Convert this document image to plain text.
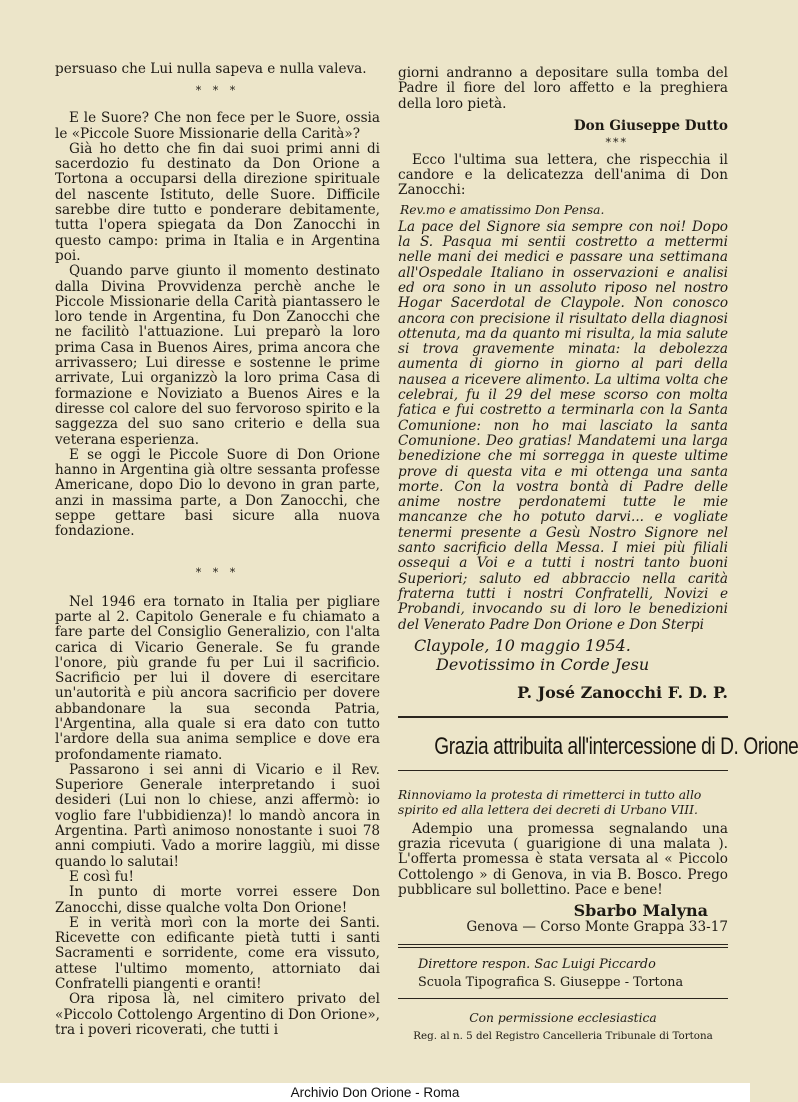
persuaso che Lui nulla sapeva e nulla valeva.

* * *

E le Suore? Che non fece per le Suore, ossia le «Piccole Suore Missionarie della Carità»?

Già ho detto che fin dai suoi primi anni di sacerdozio fu destinato da Don Orione a Tortona a occuparsi della direzione spirituale del nascente Istituto, delle Suore. Difficile sarebbe dire tutto e ponderare debitamente, tutta l'opera spiegata da Don Zanocchi in questo campo: prima in Italia e in Argentina poi.

Quando parve giunto il momento destinato dalla Divina Provvidenza perchè anche le Piccole Missionarie della Carità piantassero le loro tende in Argentina, fu Don Zanocchi che ne facilitò l'attuazione. Lui preparò la loro prima Casa in Buenos Aires, prima ancora che arrivassero; Lui diresse e sostenne le prime arrivate, Lui organizzò la loro prima Casa di formazione e Noviziato a Buenos Aires e la diresse col calore del suo fervoroso spirito e la saggezza del suo sano criterio e della sua veterana esperienza.

E se oggi le Piccole Suore di Don Orione hanno in Argentina già oltre sessanta professe Americane, dopo Dio lo devono in gran parte, anzi in massima parte, a Don Zanocchi, che seppe gettare basi sicure alla nuova fondazione.

* * *

Nel 1946 era tornato in Italia per pigliare parte al 2. Capitolo Generale e fu chiamato a fare parte del Consiglio Generalizio, con l'alta carica di Vicario Generale. Se fu grande l'onore, più grande fu per Lui il sacrificio. Sacrificio per lui il dovere di esercitare un'autorità e più ancora sacrificio per dovere abbandonare la sua seconda Patria, l'Argentina, alla quale si era dato con tutto l'ardore della sua anima semplice e dove era profondamente riamato.

Passarono i sei anni di Vicario e il Rev. Superiore Generale interpretando i suoi desideri (Lui non lo chiese, anzi affermò: io voglio fare l'ubbidienza)! lo mandò ancora in Argentina. Partì animoso nonostante i suoi 78 anni compiuti. Vado a morire laggiù, mi disse quando lo salutai!

E così fu!

In punto di morte vorrei essere Don Zanocchi, disse qualche volta Don Orione!

E in verità morì con la morte dei Santi. Ricevette con edificante pietà tutti i santi Sacramenti e sorridente, come era vissuto, attese l'ultimo momento, attorniato dai Confratelli piangenti e oranti!

Ora riposa là, nel cimitero privato del «Piccolo Cottolengo Argentino di Don Orione», tra i poveri ricoverati, che tutti i

giorni andranno a depositare sulla tomba del Padre il fiore del loro affetto e la preghiera della loro pietà.

Don Giuseppe Dutto
***

Ecco l'ultima sua lettera, che rispecchia il candore e la delicatezza dell'anima di Don Zanocchi:

Rev.mo e amatissimo Don Pensa.

La pace del Signore sia sempre con noi! Dopo la S. Pasqua mi sentii costretto a mettermi nelle mani dei medici e passare una settimana all'Ospedale Italiano in osservazioni e analisi ed ora sono in un assoluto riposo nel nostro Hogar Sacerdotal de Claypole. Non conosco ancora con precisione il risultato della diagnosi ottenuta, ma da quanto mi risulta, la mia salute si trova gravemente minata: la debolezza aumenta di giorno in giorno al pari della nausea a ricevere alimento. La ultima volta che celebrai, fu il 29 del mese scorso con molta fatica e fui costretto a terminarla con la Santa Comunione: non ho mai lasciato la santa Comunione. Deo gratias! Mandatemi una larga benedizione che mi sorregga in queste ultime prove di questa vita e mi ottenga una santa morte. Con la vostra bontà di Padre delle anime nostre perdonatemi tutte le mie mancanze che ho potuto darvi... e vogliate tenermi presente a Gesù Nostro Signore nel santo sacrificio della Messa. I miei più filiali ossequi a Voi e a tutti i nostri tanto buoni Superiori; saluto ed abbraccio nella carità fraterna tutti i nostri Confratelli, Novizi e Probandi, invocando su di loro le benedizioni del Venerato Padre Don Orione e Don Sterpi

Claypole, 10 maggio 1954.
Devotissimo in Corde Jesu
P. José Zanocchi F. D. P.
Grazia attribuita all'intercessione di D. Orione
Rinnoviamo la protesta di rimetterci in tutto allo spirito ed alla lettera dei decreti di Urbano VIII.

Adempio una promessa segnalando una grazia ricevuta ( guarigione di una malata ). L'offerta promessa è stata versata al « Piccolo Cottolengo » di Genova, in via B. Bosco. Prego pubblicare sul bollettino. Pace e bene!

Sbarbo Malyna

Genova — Corso Monte Grappa 33-17

Direttore respon. Sac Luigi Piccardo
Scuola Tipografica S. Giuseppe - Tortona
Con permissione ecclesiastica
Reg. al n. 5 del Registro Cancelleria Tribunale di Tortona
Archivio Don Orione - Roma
